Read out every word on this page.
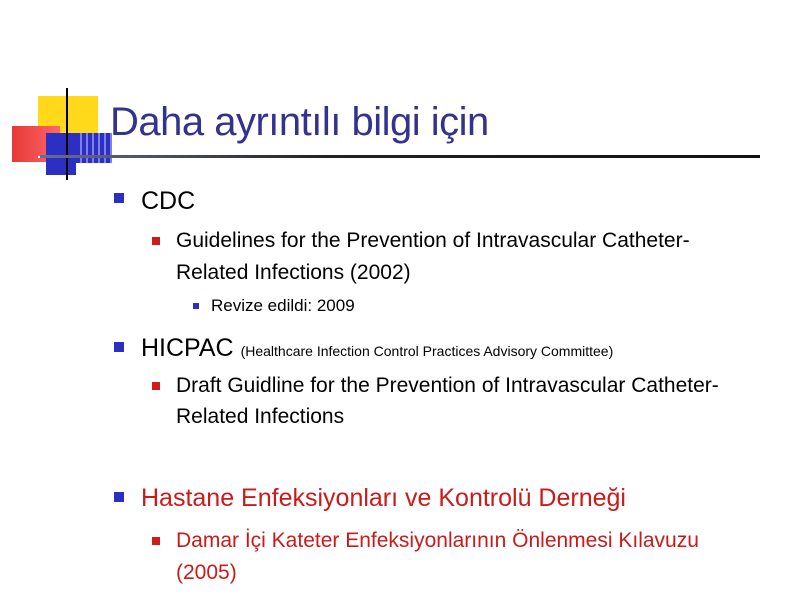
Daha ayrıntılı bilgi için
CDC
Guidelines for the Prevention of Intravascular Catheter-
Related Infections (2002)
Revize edildi: 2009
HICPAC (Healthcare Infection Control Practices Advisory Committee)
Draft Guidline for the Prevention of Intravascular Catheter-
Related Infections
Hastane Enfeksiyonları ve Kontrolü Derneği
Damar İçi Kateter Enfeksiyonlarının Önlenmesi Kılavuzu
(2005)
